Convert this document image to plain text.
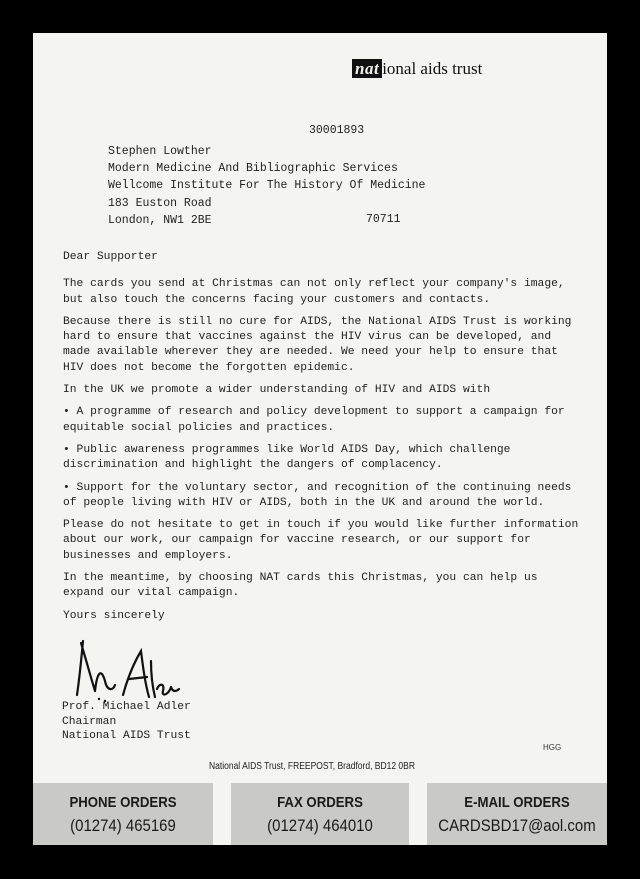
nat ional aids trust
30001893
Stephen Lowther
Modern Medicine And Bibliographic Services
Wellcome Institute For The History Of Medicine
183 Euston Road
London, NW1 2BE	70711

Dear Supporter

The cards you send at Christmas can not only reflect your company's image, but also touch the concerns facing your customers and contacts.

Because there is still no cure for AIDS, the National AIDS Trust is working hard to ensure that vaccines against the HIV virus can be developed, and made available wherever they are needed. We need your help to ensure that HIV does not become the forgotten epidemic.

In the UK we promote a wider understanding of HIV and AIDS with

• A programme of research and policy development to support a campaign for equitable social policies and practices.

• Public awareness programmes like World AIDS Day, which challenge discrimination and highlight the dangers of complacency.

• Support for the voluntary sector, and recognition of the continuing needs of people living with HIV or AIDS, both in the UK and around the world.

Please do not hesitate to get in touch if you would like further information about our work, our campaign for vaccine research, or our support for businesses and employers.

In the meantime, by choosing NAT cards this Christmas, you can help us expand our vital campaign.

Yours sincerely

Prof. Michael Adler
Chairman
National AIDS Trust
HGG
National AIDS Trust, FREEPOST, Bradford, BD12 0BR
PHONE ORDERS
(01274) 465169
FAX ORDERS
(01274) 464010
E-MAIL ORDERS
CARDSBD17@aol.com
